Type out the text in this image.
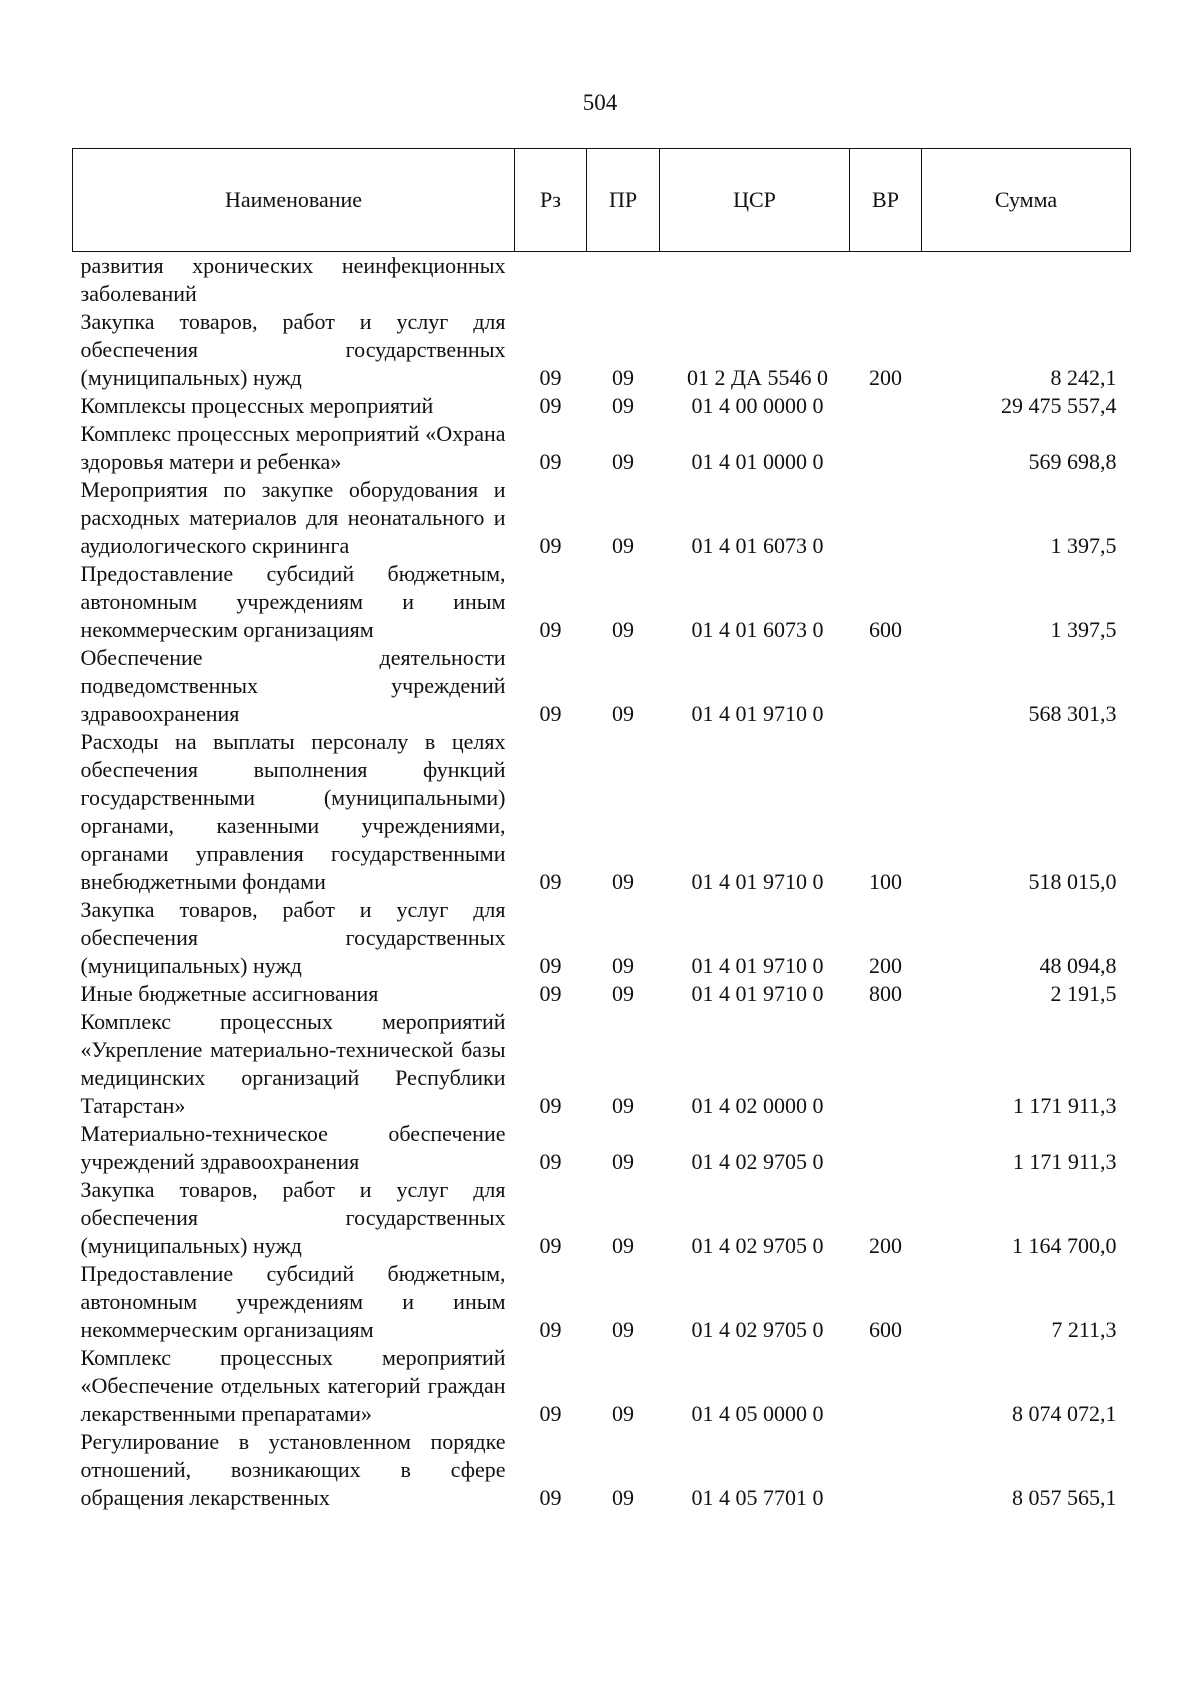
504
Наименование	Рз	ПР	ЦСР	ВР	Сумма
развития хронических неинфекционных заболеваний					
Закупка товаров, работ и услуг для обеспечения государственных (муниципальных) нужд	09	09	01 2 ДА 5546 0	200	8 242,1
Комплексы процессных мероприятий	09	09	01 4 00 0000 0		29 475 557,4
Комплекс процессных мероприятий «Охрана здоровья матери и ребенка»	09	09	01 4 01 0000 0		569 698,8
Мероприятия по закупке оборудования и расходных материалов для неонатального и аудиологического скрининга	09	09	01 4 01 6073 0		1 397,5
Предоставление субсидий бюджетным, автономным учреждениям и иным некоммерческим организациям	09	09	01 4 01 6073 0	600	1 397,5
Обеспечение деятельности подведомственных учреждений здравоохранения	09	09	01 4 01 9710 0		568 301,3
Расходы на выплаты персоналу в целях обеспечения выполнения функций государственными (муниципальными) органами, казенными учреждениями, органами управления государственными внебюджетными фондами	09	09	01 4 01 9710 0	100	518 015,0
Закупка товаров, работ и услуг для обеспечения государственных (муниципальных) нужд	09	09	01 4 01 9710 0	200	48 094,8
Иные бюджетные ассигнования	09	09	01 4 01 9710 0	800	2 191,5
Комплекс процессных мероприятий «Укрепление материально-технической базы медицинских организаций Республики Татарстан»	09	09	01 4 02 0000 0		1 171 911,3
Материально-техническое обеспечение учреждений здравоохранения	09	09	01 4 02 9705 0		1 171 911,3
Закупка товаров, работ и услуг для обеспечения государственных (муниципальных) нужд	09	09	01 4 02 9705 0	200	1 164 700,0
Предоставление субсидий бюджетным, автономным учреждениям и иным некоммерческим организациям	09	09	01 4 02 9705 0	600	7 211,3
Комплекс процессных мероприятий «Обеспечение отдельных категорий граждан лекарственными препаратами»	09	09	01 4 05 0000 0		8 074 072,1
Регулирование в установленном порядке отношений, возникающих в сфере обращения лекарственных	09	09	01 4 05 7701 0		8 057 565,1
